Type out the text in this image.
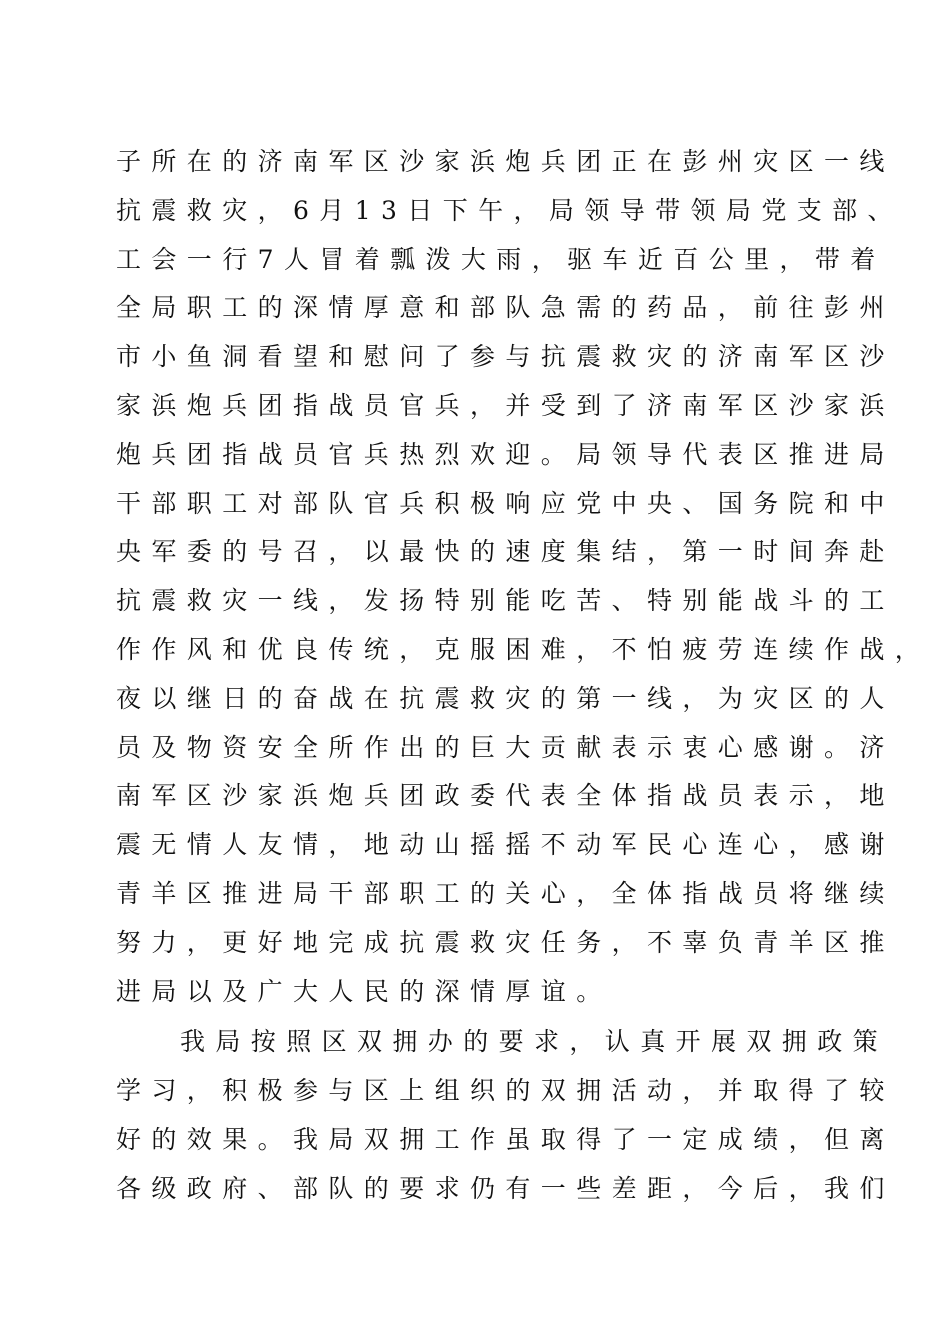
子所在的济南军区沙家浜炮兵团正在彭州灾区一线
抗震救灾，6月13日下午，局领导带领局党支部、
工会一行7人冒着瓢泼大雨，驱车近百公里，带着
全局职工的深情厚意和部队急需的药品，前往彭州
市小鱼洞看望和慰问了参与抗震救灾的济南军区沙
家浜炮兵团指战员官兵，并受到了济南军区沙家浜
炮兵团指战员官兵热烈欢迎。局领导代表区推进局
干部职工对部队官兵积极响应党中央、国务院和中
央军委的号召，以最快的速度集结，第一时间奔赴
抗震救灾一线，发扬特别能吃苦、特别能战斗的工
作作风和优良传统，克服困难，不怕疲劳连续作战，
夜以继日的奋战在抗震救灾的第一线，为灾区的人
员及物资安全所作出的巨大贡献表示衷心感谢。济
南军区沙家浜炮兵团政委代表全体指战员表示，地
震无情人友情，地动山摇摇不动军民心连心，感谢
青羊区推进局干部职工的关心，全体指战员将继续
努力，更好地完成抗震救灾任务，不辜负青羊区推
进局以及广大人民的深情厚谊。
我局按照区双拥办的要求，认真开展双拥政策
学习，积极参与区上组织的双拥活动，并取得了较
好的效果。我局双拥工作虽取得了一定成绩，但离
各级政府、部队的要求仍有一些差距，今后，我们
